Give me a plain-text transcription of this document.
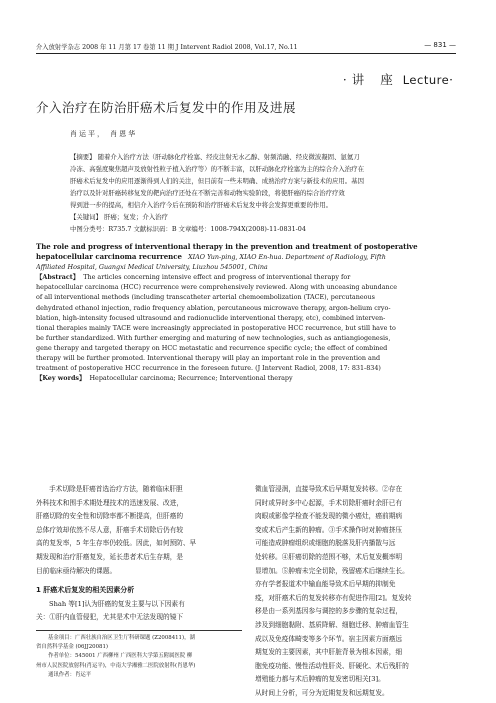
介入放射学杂志 2008 年 11 月第 17 卷第 11 期 J Intervent Radiol 2008, Vol.17, No.11	— 831 —
· 讲 座 Lecture·
介入治疗在防治肝癌术后复发中的作用及进展
肖运平， 肖恩华
【摘要】 随着介入治疗方法（肝动脉化疗栓塞、经皮注射无水乙醇、射频消融、经皮微波凝固、氩氦刀
冷冻、高强度聚焦超声及放射性粒子植入治疗等）的不断丰富，以肝动脉化疗栓塞为主的综合介入治疗在
肝癌术后复发中的应用逐渐得到人们的关注，但目前有一些未明确、成熟治疗方案与新技术的应用。基因
治疗以及针对肝癌转移复发的靶向治疗还处在不断完善和动物实验阶段，将使肝癌的综合治疗疗效
得到进一步的提高，相信介入治疗今后在预防和治疗肝癌术后复发中将会发挥更重要的作用。
【关键词】 肝癌；复发；介入治疗
中图分类号：R735.7 文献标识码：B 文章编号：1008-794X(2008)-11-0831-04
The role and progress of interventional therapy in the prevention and treatment of postoperative
hepatocellular carcinoma recurrence XIAO Yun-ping, XIAO En-hua. Department of Radiology, Fifth
Affiliated Hospital, Guangxi Medical University, Liuzhou 545001, China
【Abstract】 The articles concerning intensive effect and progress of interventional therapy for
hepatocellular carcinoma (HCC) recurrence were comprehensively reviewed. Along with unceasing abundance
of all interventional methods (including transcatheter arterial chemoembolization (TACE), percutaneous
dehydrated ethanol injection, radio frequency ablation, percutaneous microwave therapy, argon-helium cryo-
blation, high-intensity focused ultrasound and radionuclide interventional therapy, etc), combined interven-
tional therapies mainly TACE were increasingly appreciated in postoperative HCC recurrence, but still have to
be further standardized. With further emerging and maturing of new technologies, such as antiangiogenesis,
gene therapy and targeted therapy on HCC metastatic and recurrence specific cycle; the effect of combined
therapy will be further promoted. Interventional therapy will play an important role in the prevention and
treatment of postoperative HCC recurrence in the foreseen future. (J Intervent Radiol, 2008, 17: 831-834)
【Key words】 Hepatocellular carcinoma; Recurrence; Interventional therapy
手术切除是肝癌首选治疗方法，随着临床肝胆
外科技术和围手术期处理技术的迅速发展、改进，
肝癌切除的安全性和切除率都不断提高，但肝癌的
总体疗效却依然不尽人意，肝癌手术切除后仍有较
高的复发率，5 年生存率仍较低。因此，如何预防、早
期发现和治疗肝癌复发，延长患者术后生存期，是
目前临床亟待解决的课题。
1 肝癌术后复发的相关因素分析
Shah 等[1]认为肝癌的复发主要与以下因素有
关：①肝内血管侵犯，尤其是术中无法发现的镜下
基金项目：广西壮族自治区卫生厅科研课题 (Z2008411)，湖
省自然科学基金 (06JJ20081)
作者单位：545001 广西柳州 广西医科大学第五附属医院 柳
州市人民医院放射科(肖运平)，中南大学湘雅二医院放射科(肖恩华)
通讯作者：肖运平
微血管浸润，直接导致术后早期复发转移。②存在
同时或异时多中心起源，手术切除肝癌时余肝已有
肉眼或影像学检查不能发现的微小癌灶，癌前期病
变或术后产生新的肿瘤。③手术操作时对肿瘤挤压
可能造成肿瘤组织或细胞的脱落及肝内播散与远
处转移。④肝癌切除的范围不够，术后复发概率明
显增加。⑤肿瘤未完全切除，残留癌术后继续生长。
亦有学者报道术中输血能导致术后早期的抑制免
疫，对肝癌术后的复发转移亦有促进作用[2]。复发转
移是由一系列基因参与调控的多步骤的复杂过程，
涉及到细胞黏附、基质降解、细胞迁移、肿瘤血管生
成以及免疫体畸变等多个环节。宿主因素方面癌远
期复发的主要因素，其中肝脏背景为根本因素，细
胞免疫功能、慢性活动性肝炎、肝硬化、术后残肝的
增殖能力都与术后肿瘤的复发密切相关[3]。
从时间上分析，可分为近期复发和远期复发。
